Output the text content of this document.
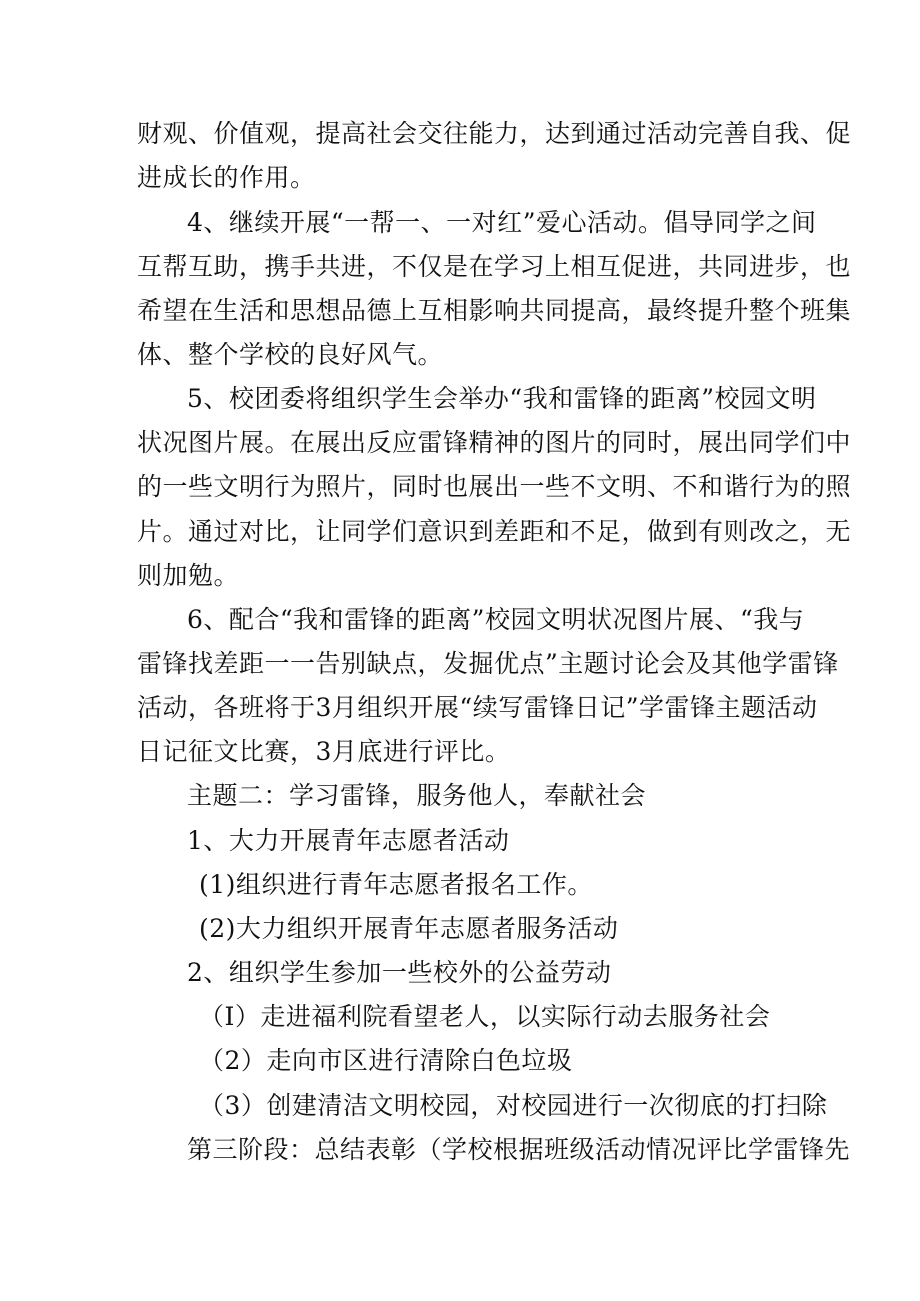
财观、价值观，提高社会交往能力，达到通过活动完善自我、促
进成长的作用。
4、继续开展“一帮一、一对红”爱心活动。倡导同学之间
互帮互助，携手共进，不仅是在学习上相互促进，共同进步，也
希望在生活和思想品德上互相影响共同提高，最终提升整个班集
体、整个学校的良好风气。
5、校团委将组织学生会举办“我和雷锋的距离”校园文明
状况图片展。在展出反应雷锋精神的图片的同时，展出同学们中
的一些文明行为照片，同时也展出一些不文明、不和谐行为的照
片。通过对比，让同学们意识到差距和不足，做到有则改之，无
则加勉。
6、配合“我和雷锋的距离”校园文明状况图片展、“我与
雷锋找差距一一告别缺点，发掘优点”主题讨论会及其他学雷锋
活动，各班将于3月组织开展“续写雷锋日记”学雷锋主题活动
日记征文比赛，3月底进行评比。
主题二：学习雷锋，服务他人，奉献社会
1、大力开展青年志愿者活动
(1)组织进行青年志愿者报名工作。
(2)大力组织开展青年志愿者服务活动
2、组织学生参加一些校外的公益劳动
（I）走进福利院看望老人，以实际行动去服务社会
（2）走向市区进行清除白色垃圾
（3）创建清洁文明校园，对校园进行一次彻底的打扫除
第三阶段：总结表彰（学校根据班级活动情况评比学雷锋先
